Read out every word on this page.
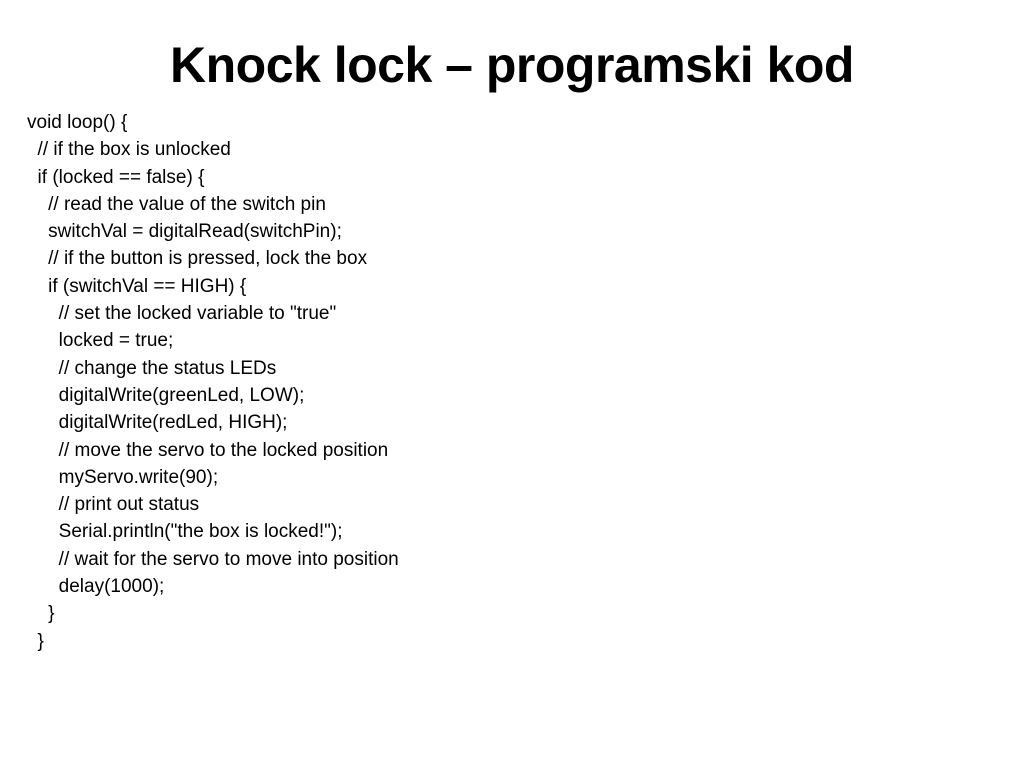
Knock lock – programski kod
void loop() {
// if the box is unlocked
if (locked == false) {
// read the value of the switch pin
switchVal = digitalRead(switchPin);
// if the button is pressed, lock the box
if (switchVal == HIGH) {
// set the locked variable to "true"
locked = true;
// change the status LEDs
digitalWrite(greenLed, LOW);
digitalWrite(redLed, HIGH);
// move the servo to the locked position
myServo.write(90);
// print out status
Serial.println("the box is locked!");
// wait for the servo to move into position
delay(1000);
}
}
